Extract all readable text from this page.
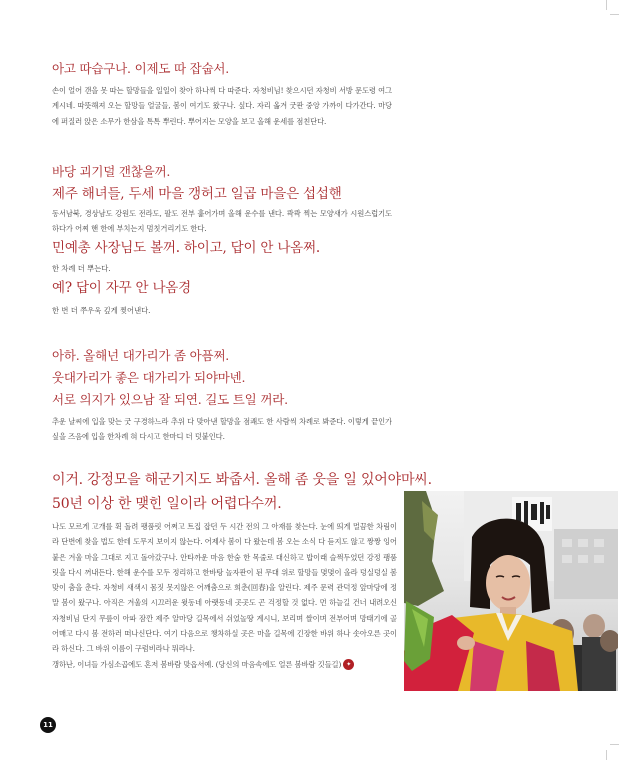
아고 따습구나. 이제도 따 잡숩서.

손이 얼어 갠을 못 따는 할망들을 일일이 찾아 하나씩 다 따준다. 자청비님! 찾으시던 자청비 서방 문도령 여그 계시네. 따뜻해져 오는 할망들 얼굴들, 봄이 여기도 왔구나. 싶다. 자리 옮겨 굿판 중앙 가까이 다가간다. 마당에 퍼질러 앉은 소무가 한삼을 톡톡 뿌린다. 뿌어지는 모양을 보고 올해 운세를 점친단다.

바당 괴기덜 갠찮을꺼.
제주 해녀들, 두세 마을 갱허고 일곱 마을은 섭섭핸

동서남북, 경상남도 강원도 전라도, 팔도 전부 훑어가며 올해 운수를 낸다. 콱콱 찍는 모양새가 시원스럽기도 하다가 어찌 핸 한에 부치는지 멈칫거리기도 한다.

민예총 사장님도 볼꺼. 하이고, 답이 안 나옴쩌.

한 차례 더 뿌는다.

예? 답이 자꾸 안 나옴경

한 번 더 쭈우욱 깊게 찢어낸다.

아하. 올해넌 대가리가 좀 아픔쩌.
웃대가리가 좋은 대가리가 되야마넨.
서로 의지가 있으남 잘 되연. 길도 트일 꺼라.

추운 날씨에 입을 맞는 굿 구경하느라 추위 다 맞아낸 할망을 점쾌도 한 사람씩 차례로 봐준다. 이렇게 끝인가 싶을 즈음에 입을 한차례 혀 다시고 한마디 더 덧붙인다.

이거. 강정모을 해군기지도 봐줍서. 올해 좀 웃을 일 있어야마씨.
50년 이상 한 맺힌 일이라 어렵다수꺼.

나도 모르게 고개를 휙 돌려 팽품릿 어쩌고 트집 잡던 두 시간 전의 그 아재를 찾는다. 눈에 띄게 멀끔한 차림이라 단번에 찾을 법도 한데 도무지 보이지 않는다. 어제사 봄이 다 왔는데 봄 오는 소식 다 듣지도 않고 짱짱 잉어붙은 겨울 마을 그대로 지고 돌아갔구나. 안타까운 마음 한숨 한 목줄로 대신하고 밥이래 슬쩍두었던 강정 팽품릿을 다시 꺼내든다. 한해 운수를 모두 정리하고 한바탕 놀자판이 된 무대 위로 할망들 몇몇이 올라 덩실덩실 봄맞이 춤을 춘다. 자청비 새색시 몸짓 못지않은 어깨춤으로 희춘(回春)을 알린다. 제주 문력 관덕정 앞마당에 정말 봄이 왔구나. 아직은 겨울의 시끄러운 윗동네 아랫동네 곳곳도 곤 걱정할 것 없다. 먼 하늘길 건너 내려오신 자청비님 단지 무릎이 아파 잠깐 제주 알마당 길목에서 쉬었놀땅 계시니, 보리며 쌀이며 전부어며 망태기에 골어매고 다시 봄 전하러 떠나신단다. 여기 다음으로 챙차하실 곳은 마을 길목에 긴장한 바위 하나 솟아오른 곳이라 하신다. 그 바위 이름이 구럼비라나 뭐라나.

갱하난, 이녀들 가심소곱에도 혼저 봄바람 맞읍서예. (당신의 마음속에도 얼른 봄바람 깃들길) ✦

11
